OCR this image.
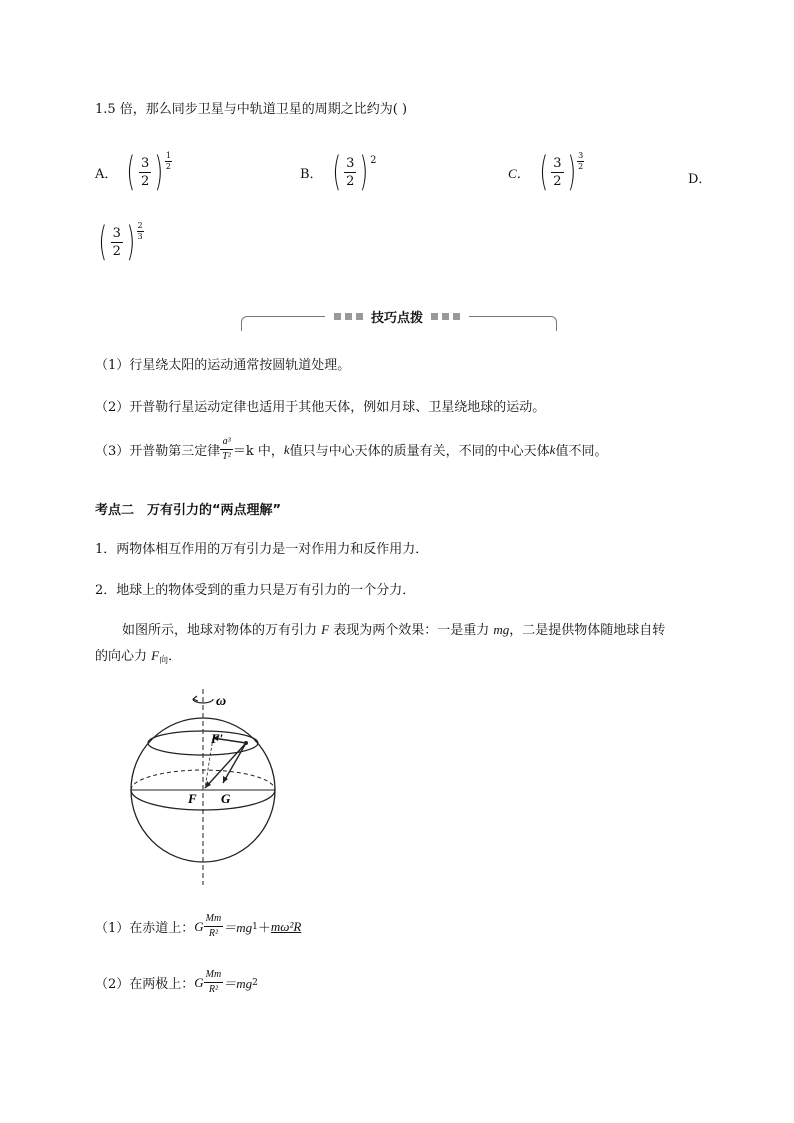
1.5 倍，那么同步卫星与中轨道卫星的周期之比约为( )
A． ( $\frac{3}{2}$ ) $\frac{1}{2}$
B． ( $\frac{3}{2}$ ) 2
C． ( $\frac{3}{2}$ ) $\frac{3}{2}$
D．
( $\frac{3}{2}$ ) $\frac{2}{3}$
技巧点拨
（1）行星绕太阳的运动通常按圆轨道处理。
（2）开普勒行星运动定律也适用于其他天体，例如月球、卫星绕地球的运动。
（3）开普勒第三定律 $\frac{\text{a³}}{\text{T²}} =k$ 中， k 值只与中心天体的质量有关，不同的中心天体 k 值不同。
考点二　万有引力的“两点理解”
1．两物体相互作用的万有引力是一对作用力和反作用力．
2．地球上的物体受到的重力只是万有引力的一个分力．
如图所示，地球对物体的万有引力 F 表现为两个效果：一是重力 mg，二是提供物体随地球自转
的向心力 $F_向$．
ω
F′
F G
（1）在赤道上： G $\frac{Mm}{\text{R²}} =mg$ 1 ＋ mω²R
（2）在两极上： G $\frac{Mm}{\text{R²}} =mg$ 2
